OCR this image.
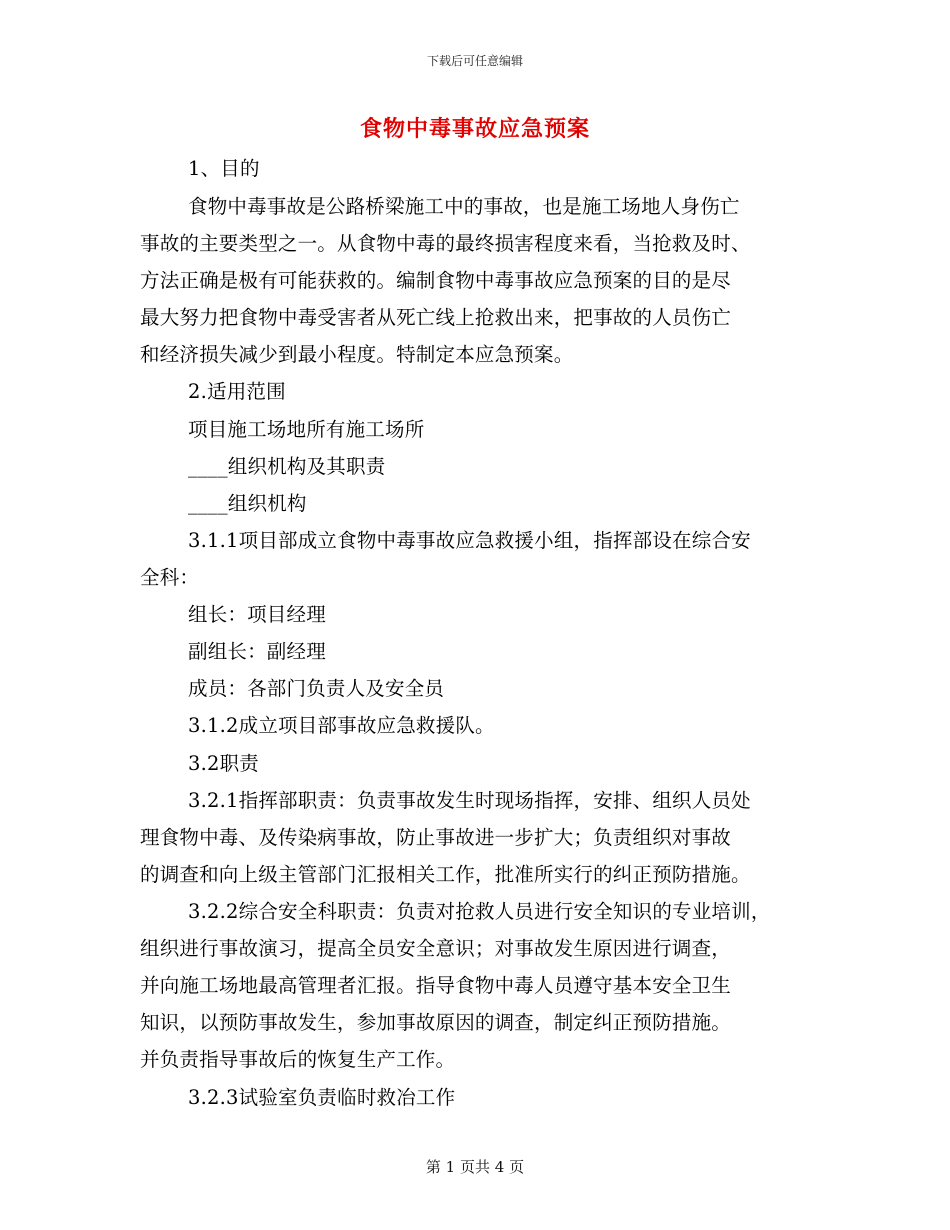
下载后可任意编辑
食物中毒事故应急预案
1、目的
食物中毒事故是公路桥梁施工中的事故，也是施工场地人身伤亡
事故的主要类型之一。从食物中毒的最终损害程度来看，当抢救及时、
方法正确是极有可能获救的。编制食物中毒事故应急预案的目的是尽
最大努力把食物中毒受害者从死亡线上抢救出来，把事故的人员伤亡
和经济损失减少到最小程度。特制定本应急预案。
2.适用范围
项目施工场地所有施工场所
____组织机构及其职责
____组织机构
3.1.1项目部成立食物中毒事故应急救援小组，指挥部设在综合安
全科：
组长：项目经理
副组长：副经理
成员：各部门负责人及安全员
3.1.2成立项目部事故应急救援队。
3.2职责
3.2.1指挥部职责：负责事故发生时现场指挥，安排、组织人员处
理食物中毒、及传染病事故，防止事故进一步扩大；负责组织对事故
的调查和向上级主管部门汇报相关工作，批准所实行的纠正预防措施。
3.2.2综合安全科职责：负责对抢救人员进行安全知识的专业培训，
组织进行事故演习，提高全员安全意识；对事故发生原因进行调查，
并向施工场地最高管理者汇报。指导食物中毒人员遵守基本安全卫生
知识，以预防事故发生，参加事故原因的调查，制定纠正预防措施。
并负责指导事故后的恢复生产工作。
3.2.3试验室负责临时救冶工作
第 1 页共 4 页
